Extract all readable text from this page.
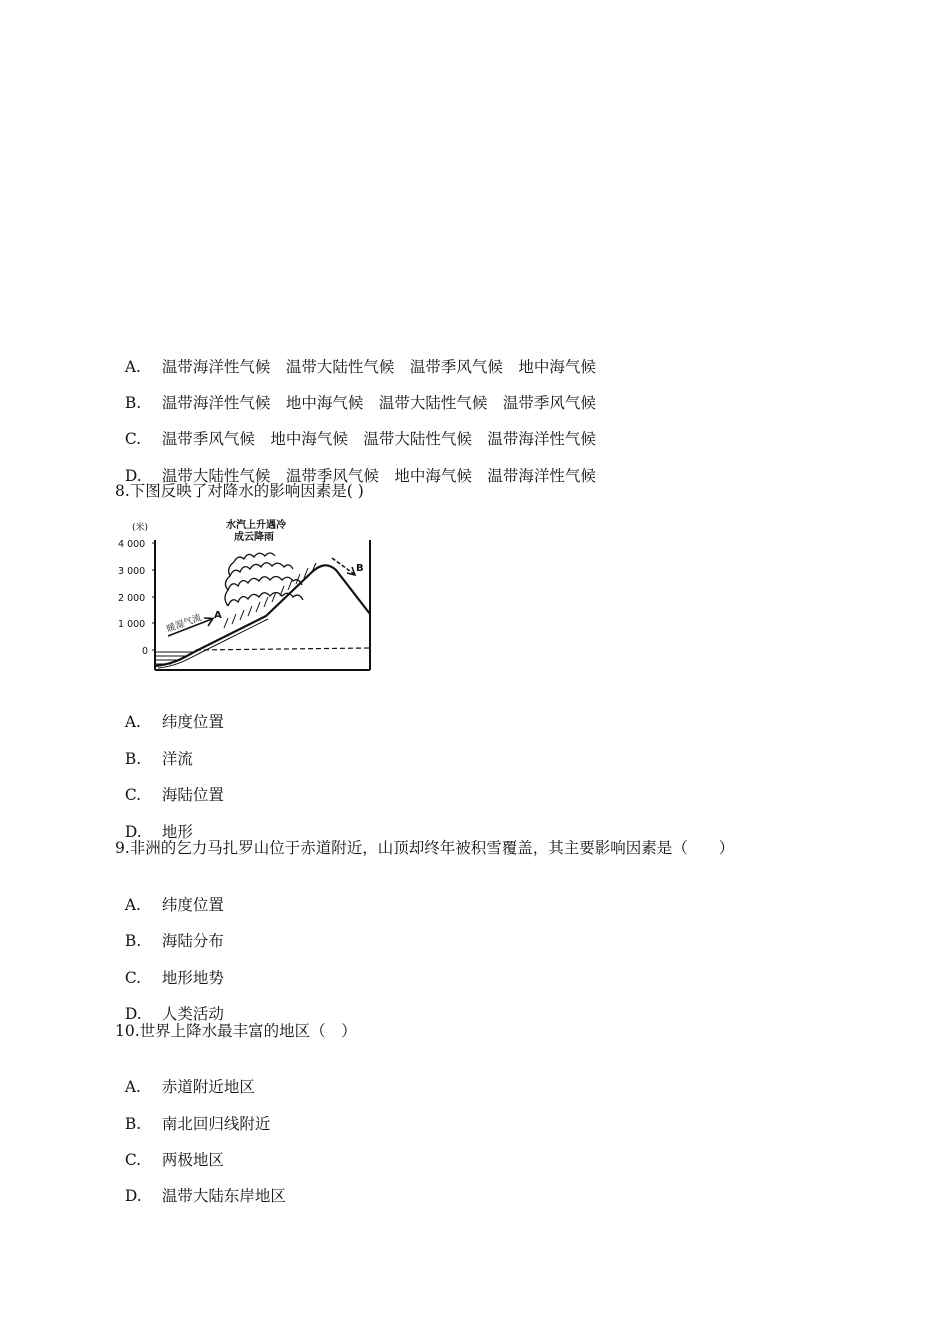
A. 温带海洋性气候　温带大陆性气候　温带季风气候　地中海气候

B. 温带海洋性气候　地中海气候　温带大陆性气候　温带季风气候

C. 温带季风气候　地中海气候　温带大陆性气候　温带海洋性气候

D. 温带大陆性气候　温带季风气候　地中海气候　温带海洋性气候

8.下图反映了对降水的影响因素是( )
(米)
4 000
3 000
2 000
1 000
0
水汽上升遇冷
成云降雨
暖湿气流 A
B

A. 纬度位置

B. 洋流

C. 海陆位置

D. 地形

9.非洲的乞力马扎罗山位于赤道附近，山顶却终年被积雪覆盖，其主要影响因素是（　　）

A. 纬度位置

B. 海陆分布

C. 地形地势

D. 人类活动

10.世界上降水最丰富的地区（　）

A. 赤道附近地区

B. 南北回归线附近

C. 两极地区

D. 温带大陆东岸地区
